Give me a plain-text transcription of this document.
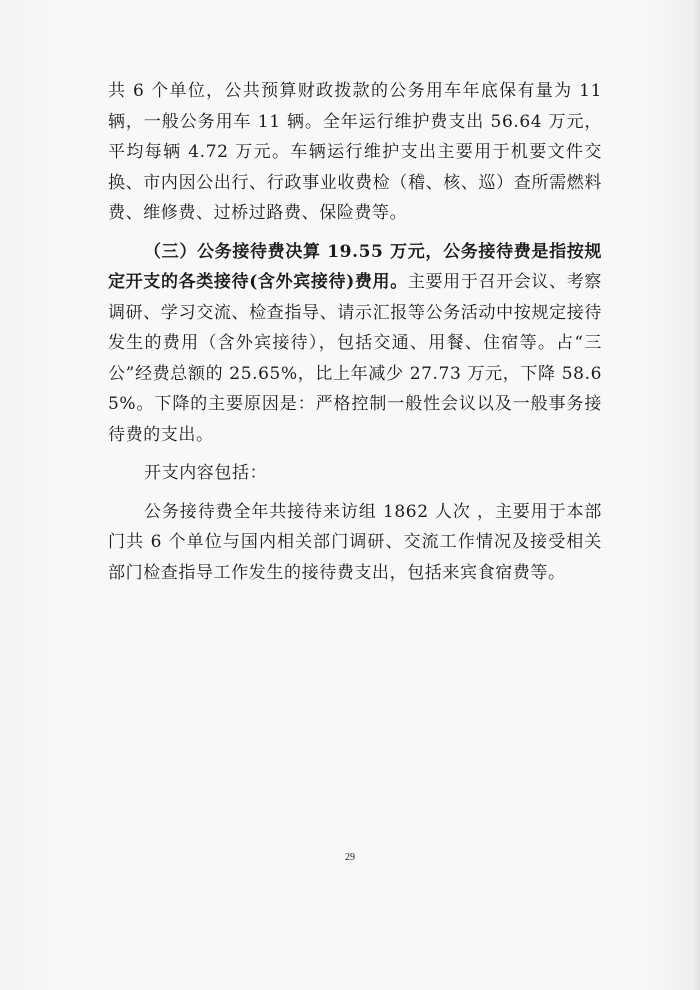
共 6 个单位，公共预算财政拨款的公务用车年底保有量为 11 辆，一般公务用车 11 辆。全年运行维护费支出 56.64 万元，平均每辆 4.72 万元。车辆运行维护支出主要用于机要文件交换、市内因公出行、行政事业收费检（稽、核、巡）查所需燃料费、维修费、过桥过路费、保险费等。

（三）公务接待费决算 19.55 万元，公务接待费是指按规定开支的各类接待(含外宾接待)费用。主要用于召开会议、考察调研、学习交流、检查指导、请示汇报等公务活动中按规定接待发生的费用（含外宾接待），包括交通、用餐、住宿等。占“三公”经费总额的 25.65%，比上年减少 27.73 万元，下降 58.65%。下降的主要原因是：严格控制一般性会议以及一般事务接待费的支出。

开支内容包括：

公务接待费全年共接待来访组 1862 人次 ，主要用于本部门共 6 个单位与国内相关部门调研、交流工作情况及接受相关部门检查指导工作发生的接待费支出，包括来宾食宿费等。

29
